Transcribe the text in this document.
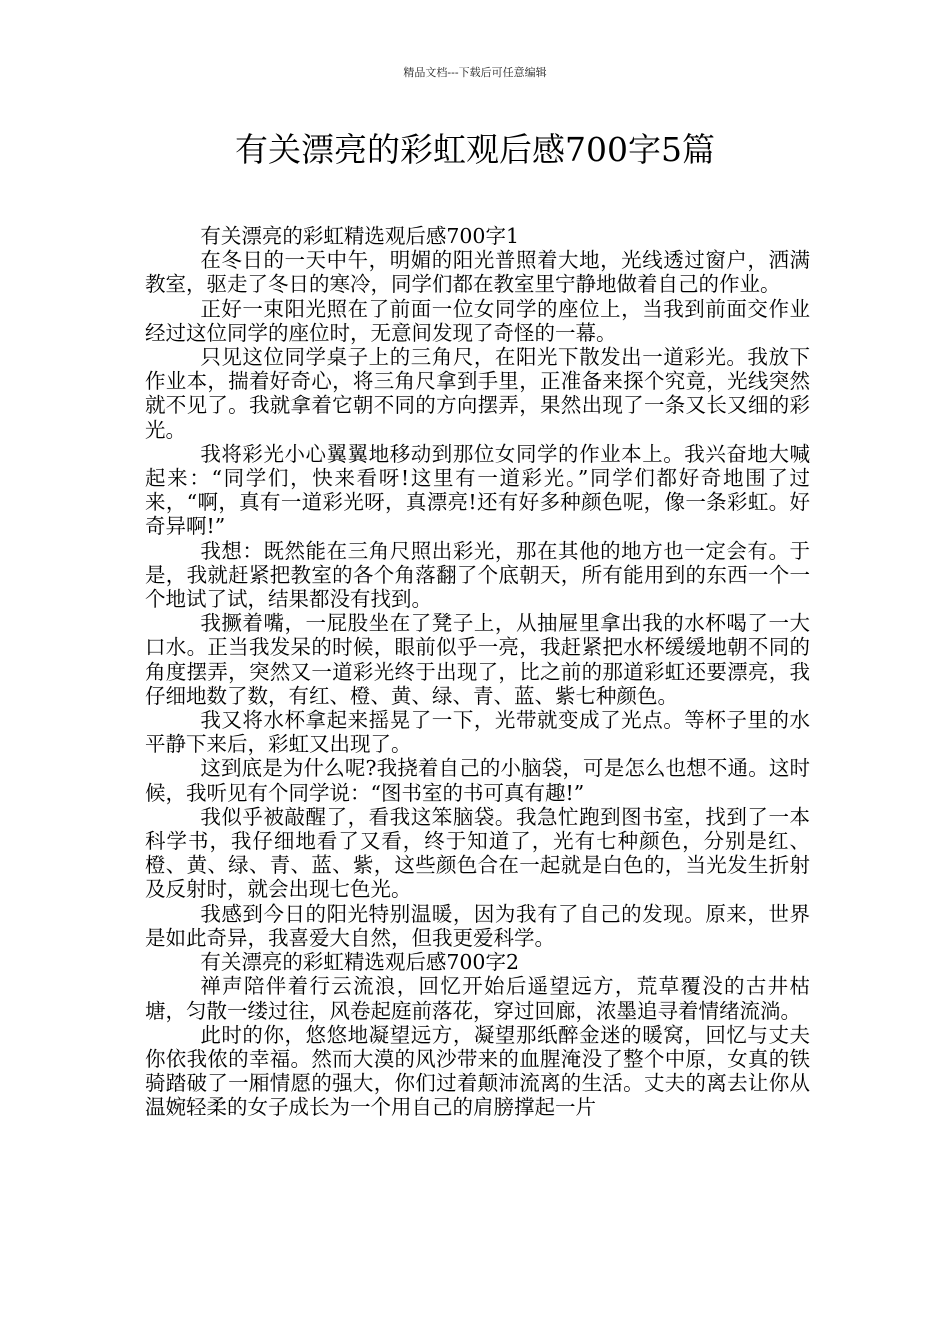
精品文档---下载后可任意编辑
有关漂亮的彩虹观后感700字5篇

有关漂亮的彩虹精选观后感700字1

在冬日的一天中午，明媚的阳光普照着大地，光线透过窗户，洒满教室，驱走了冬日的寒冷，同学们都在教室里宁静地做着自己的作业。

正好一束阳光照在了前面一位女同学的座位上，当我到前面交作业经过这位同学的座位时，无意间发现了奇怪的一幕。

只见这位同学桌子上的三角尺，在阳光下散发出一道彩光。我放下作业本，揣着好奇心，将三角尺拿到手里，正准备来探个究竟，光线突然就不见了。我就拿着它朝不同的方向摆弄，果然出现了一条又长又细的彩光。

我将彩光小心翼翼地移动到那位女同学的作业本上。我兴奋地大喊起来：“同学们，快来看呀!这里有一道彩光。”同学们都好奇地围了过来，“啊，真有一道彩光呀，真漂亮!还有好多种颜色呢，像一条彩虹。好奇异啊!”

我想：既然能在三角尺照出彩光，那在其他的地方也一定会有。于是，我就赶紧把教室的各个角落翻了个底朝天，所有能用到的东西一个一个地试了试，结果都没有找到。

我撅着嘴，一屁股坐在了凳子上，从抽屉里拿出我的水杯喝了一大口水。正当我发呆的时候，眼前似乎一亮，我赶紧把水杯缓缓地朝不同的角度摆弄，突然又一道彩光终于出现了，比之前的那道彩虹还要漂亮，我仔细地数了数，有红、橙、黄、绿、青、蓝、紫七种颜色。

我又将水杯拿起来摇晃了一下，光带就变成了光点。等杯子里的水平静下来后，彩虹又出现了。

这到底是为什么呢?我挠着自己的小脑袋，可是怎么也想不通。这时候，我听见有个同学说：“图书室的书可真有趣!”

我似乎被敲醒了，看我这笨脑袋。我急忙跑到图书室，找到了一本科学书，我仔细地看了又看，终于知道了，光有七种颜色，分别是红、橙、黄、绿、青、蓝、紫，这些颜色合在一起就是白色的，当光发生折射及反射时，就会出现七色光。

我感到今日的阳光特别温暖，因为我有了自己的发现。原来，世界是如此奇异，我喜爱大自然，但我更爱科学。

有关漂亮的彩虹精选观后感700字2

禅声陪伴着行云流浪，回忆开始后遥望远方，荒草覆没的古井枯塘，匀散一缕过往，风卷起庭前落花，穿过回廊，浓墨追寻着情绪流淌。

此时的你，悠悠地凝望远方，凝望那纸醉金迷的暖窝，回忆与丈夫你依我侬的幸福。然而大漠的风沙带来的血腥淹没了整个中原，女真的铁骑踏破了一厢情愿的强大，你们过着颠沛流离的生活。丈夫的离去让你从温婉轻柔的女子成长为一个用自己的肩膀撑起一片
